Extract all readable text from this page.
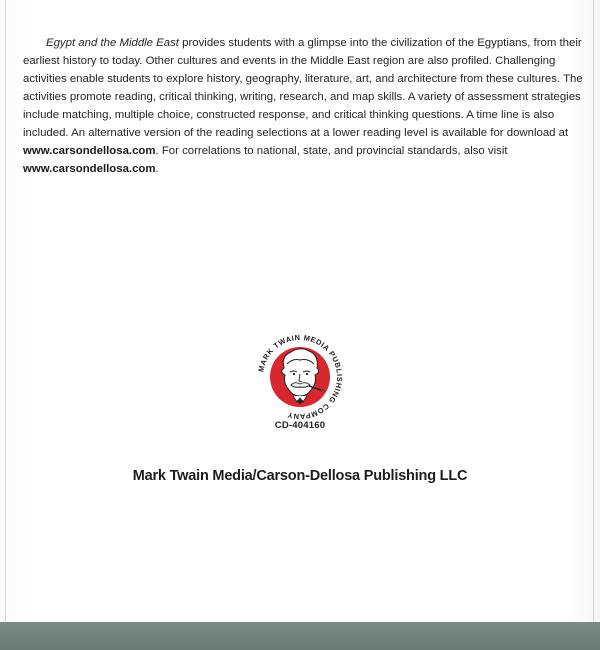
Egypt and the Middle East provides students with a glimpse into the civilization of the Egyptians, from their earliest history to today. Other cultures and events in the Middle East region are also profiled. Challenging activities enable students to explore history, geography, literature, art, and architecture from these cultures. The activities promote reading, critical thinking, writing, research, and map skills. A variety of assessment strategies include matching, multiple choice, constructed response, and critical thinking questions. A time line is also included. An alternative version of the reading selections at a lower reading level is available for download at www.carsondellosa.com. For correlations to national, state, and provincial standards, also visit www.carsondellosa.com.

MARK TWAIN MEDIA PUBLISHING COMPANY
CD-404160
Mark Twain Media/Carson-Dellosa Publishing LLC
